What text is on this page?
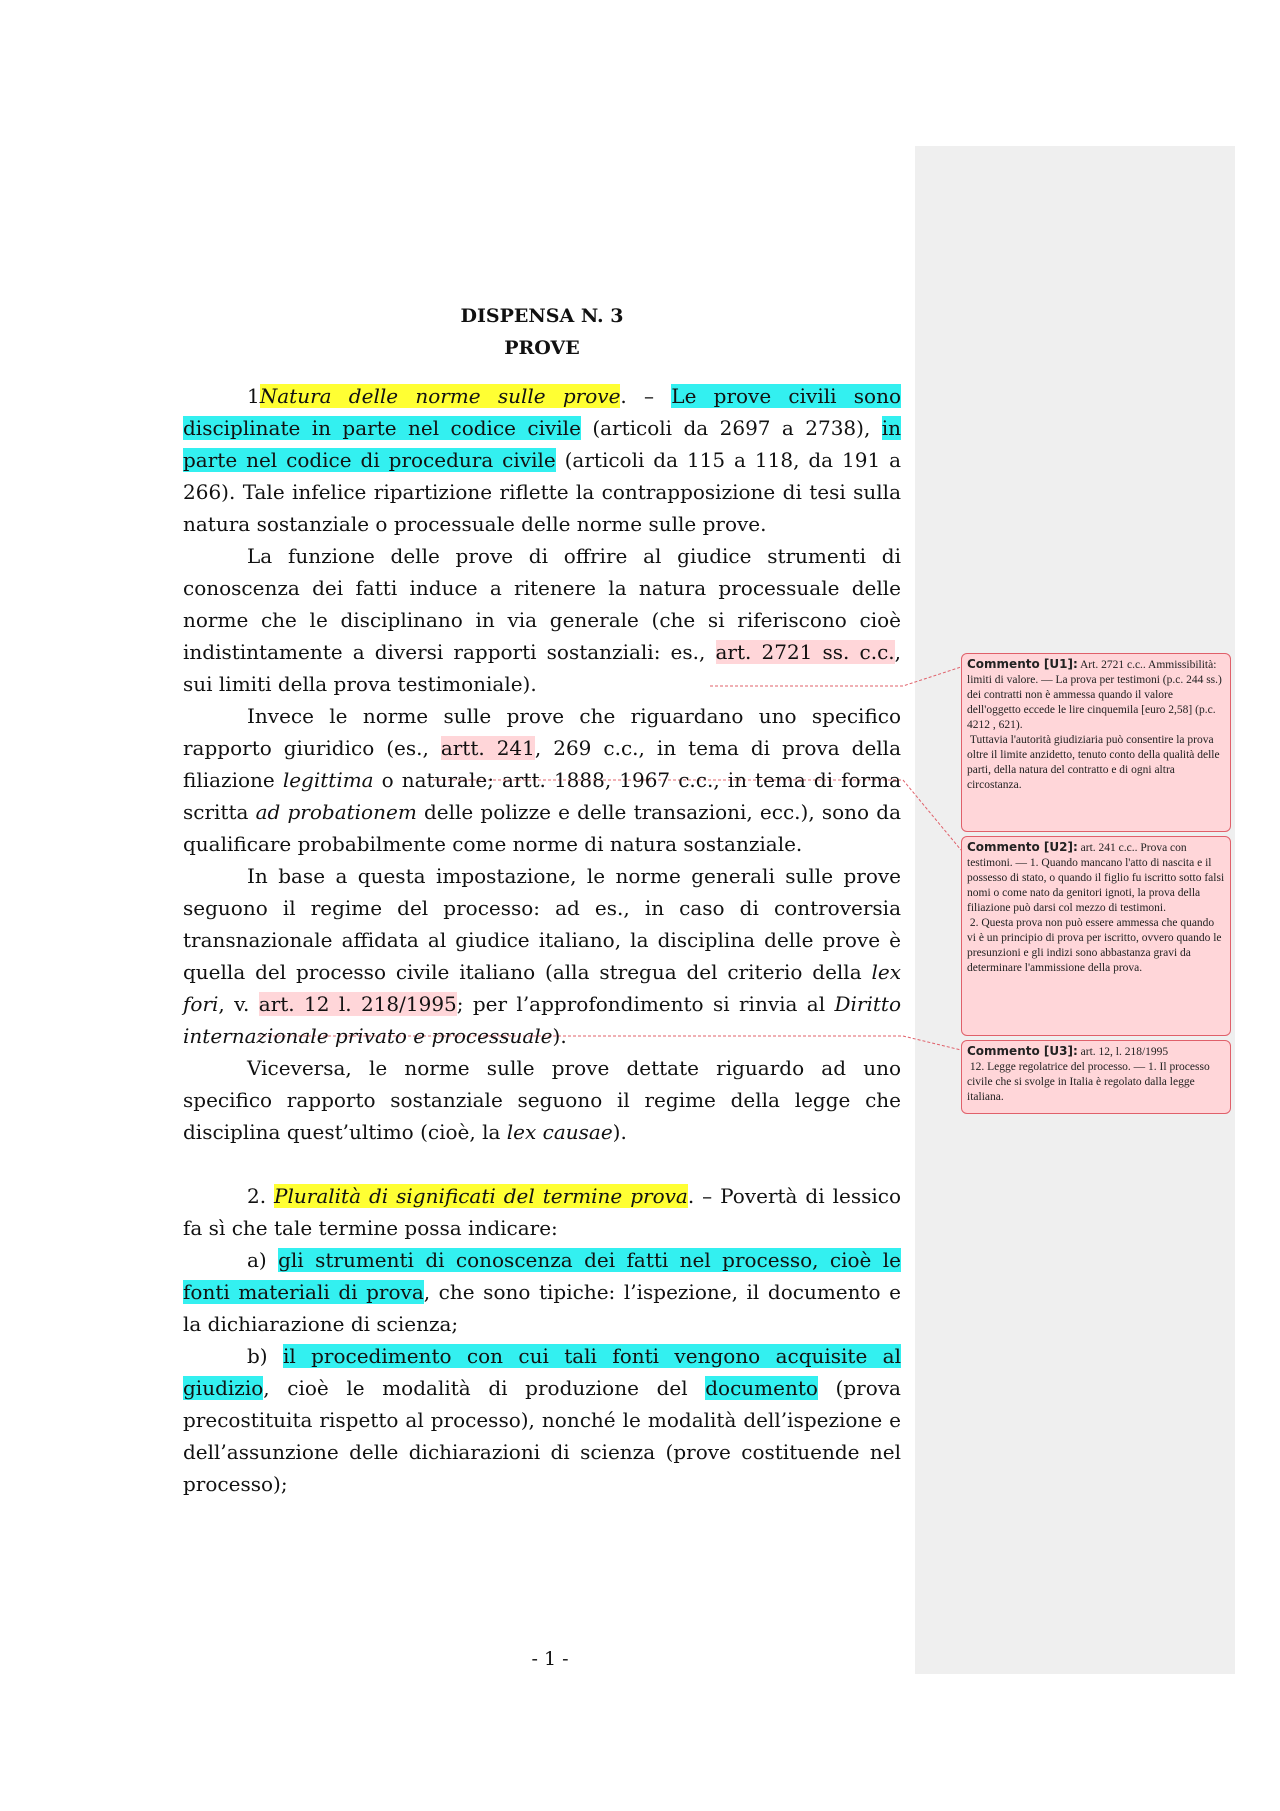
DISPENSA N. 3
PROVE

1Natura delle norme sulle prove. – Le prove civili sono disciplinate in parte nel codice civile (articoli da 2697 a 2738), in parte nel codice di procedura civile (articoli da 115 a 118, da 191 a 266). Tale infelice ripartizione riflette la contrapposizione di tesi sulla natura sostanziale o processuale delle norme sulle prove.

La funzione delle prove di offrire al giudice strumenti di conoscenza dei fatti induce a ritenere la natura processuale delle norme che le disciplinano in via generale (che si riferiscono cioè indistintamente a diversi rapporti sostanziali: es., art. 2721 ss. c.c., sui limiti della prova testimoniale).

Invece le norme sulle prove che riguardano uno specifico rapporto giuridico (es., artt. 241, 269 c.c., in tema di prova della filiazione legittima o naturale; artt. 1888, 1967 c.c., in tema di forma scritta ad probationem delle polizze e delle transazioni, ecc.), sono da qualificare probabilmente come norme di natura sostanziale.

In base a questa impostazione, le norme generali sulle prove seguono il regime del processo: ad es., in caso di controversia transnazionale affidata al giudice italiano, la disciplina delle prove è quella del processo civile italiano (alla stregua del criterio della lex fori, v. art. 12 l. 218/1995; per l’approfondimento si rinvia al Diritto internazionale privato e processuale).

Viceversa, le norme sulle prove dettate riguardo ad uno specifico rapporto sostanziale seguono il regime della legge che disciplina quest’ultimo (cioè, la lex causae).

2. Pluralità di significati del termine prova. – Povertà di lessico fa sì che tale termine possa indicare:

a) gli strumenti di conoscenza dei fatti nel processo, cioè le fonti materiali di prova, che sono tipiche: l’ispezione, il documento e la dichiarazione di scienza;

b) il procedimento con cui tali fonti vengono acquisite al giudizio, cioè le modalità di produzione del documento (prova precostituita rispetto al processo), nonché le modalità dell’ispezione e dell’assunzione delle dichiarazioni di scienza (prove costituende nel processo);

Commento [U1]: Art. 2721 c.c.. Ammissibilità: limiti di valore. — La prova per testimoni (p.c. 244 ss.) dei contratti non è ammessa quando il valore dell'oggetto eccede le lire cinquemila [euro 2,58] (p.c. 4212 , 621).
Tuttavia l'autorità giudiziaria può consentire la prova oltre il limite anzidetto, tenuto conto della qualità delle parti, della natura del contratto e di ogni altra circostanza.
Commento [U2]: art. 241 c.c.. Prova con testimoni. — 1. Quando mancano l'atto di nascita e il possesso di stato, o quando il figlio fu iscritto sotto falsi nomi o come nato da genitori ignoti, la prova della filiazione può darsi col mezzo di testimoni.
2. Questa prova non può essere ammessa che quando vi è un principio di prova per iscritto, ovvero quando le presunzioni e gli indizi sono abbastanza gravi da determinare l'ammissione della prova.
Commento [U3]: art. 12, l. 218/1995
12. Legge regolatrice del processo. — 1. Il processo civile che si svolge in Italia è regolato dalla legge italiana.
- 1 -
